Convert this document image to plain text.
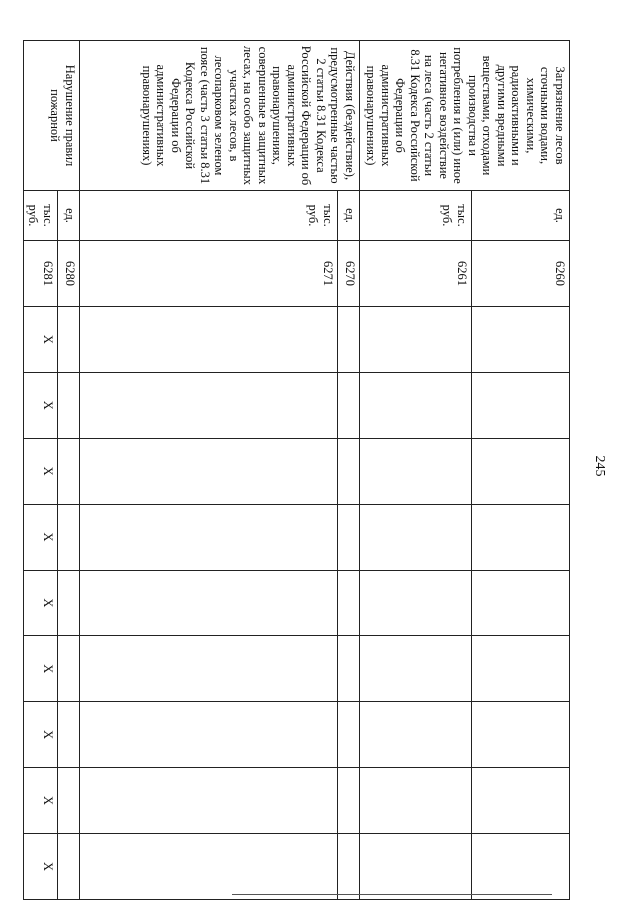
245
Загрязнение лесов сточными водами, химическими, радиоактивными и другими вредными веществами, отходами производства и потребления и (или) иное негативное воздействие на леса (часть 2 статьи 8.31 Кодекса Российской Федерации об административных правонарушениях)	ед.	6260									
	тыс. руб.	6261									

Действия (бездействие), предусмотренные частью 2 статьи 8.31 Кодекса Российской Федерации об административных правонарушениях, совершенные в защитных лесах, на особо защитных участках лесов, в лесопарковом зеленом поясе (часть 3 статьи 8.31 Кодекса Российской Федерации об административных правонарушениях)	ед.	6270									
	тыс. руб.	6271									

Нарушение правил пожарной	ед.	6280									
	тыс. руб.	6281	Х	Х	Х	Х	Х	Х	Х	Х	Х
